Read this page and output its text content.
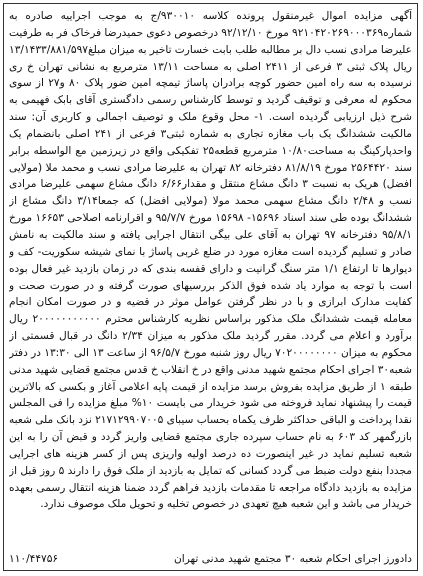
آگهی مزایده اموال غیرمنقول پرونده کلاسه ۹۳۰۰۱۰/ج به موجب اجراییه صادره به شماره۹۲۱۰۴۲۰۲۶۹۰۰۰۳۶۹ مورخ ۹۲/۱۲/۱۰ درخصوص دعوی حمیدرضا فرخاک فر به طرفیت علیرضا مرادی نسب دال بر مطالبه طلب بابت خسارت تاخیر به میزان مبلغ۱۳/۱۴۳۳/۸۸۱/۵۹۷ ریال پلاک ثبتی ۳ فرعی از ۲۴۱۱ اصلی به مساحت ۱۳/۱۱ مترمربع به نشانی تهران خ ری نرسیده به سه راه امین حضور کوچه برادران پاساژ تیمچه امین ضور پلاک ۸۰ و۲۷ از سوی محکوم له معرفی و توقیف گردید و توسط کارشناس رسمی دادگستری آقای بابک فهیمی به شرح ذیل ارزیابی گردیده است. ۱- محل وقوع ملک و توصیف اجمالی و کاربری آن: سند مالکیت ششدانگ یک باب مغازه تجاری به شماره ثبتی۳ فرعی از ۲۴۱ اصلی بانضمام یک واحدپارکینگ به مساحت۱۰/۸۰ مترمربع قطعه۲۵ تفکیکی واقع در زیرزمین مع الواسطه برابر سند ۲۵۶۴۴۲۰ مورخ ۸۱/۸/۱۹ دفترخانه ۸۲ تهران به علیرضا مرادی نسب و محمد ملا (مولایی افضل) هریک به نسبت ۳ دانگ مشاع منتقل و مقدار۶/۶۶ دانگ مشاع سهمی علیرضا مرادی نسب و ۲/۴۸ دانگ مشاع سهمی محمد مولا (مولایی افضل) که جمعا۳/۱۴ دانگ مشاع از ششدانگ بوده طی سند اسناد ۱۵۶۹۶- ۱۵۶۹۸ مورخ ۹۵/۷/۷ و اقرارنامه اصلاحی ۱۶۶۵۳ مورخ ۹۵/۸/۱ دفترخانه ۹۷ تهران به آقای علی بیگی انتقال اجرایی یافته و سند مالکیت به نامش صادر و تسلیم گردیده است مغازه مورد در ضلع غربی پاساژ با نمای شیشه سکوریت- کف و دیوارها تا ارتفاع ۱/۱ متر سنگ گرانیت و دارای قفسه بندی که در زمان بازدید غیر فعال بوده است با توجه به موارد یاد شده فوق الذکر بررسیهای صورت گرفته و در صورت صحت و کفایت مدارک ابرازی و با در نظر گرفتن عوامل موثر در قضیه و در صورت امکان انجام معامله قیمت ششدانگ ملک مذکور براساس نظریه کارشناس محترم ۲۰۰۰۰۰۰۰۰۰۰۰ ریال برآورد و اعلام می گردد. مقرر گردید ملک مذکور به میزان ۲/۳۴ دانگ در قبال قسمتی از محکوم به میزان ۷۰۲۰۰۰۰۰۰۰۰ ریال روز شنبه مورخ ۹۶/۵/۷ از ساعت ۱۳ الی ۱۳:۳۰ در دفتر شعبه۳۰ اجرای احکام مجتمع شهید مدنی واقع در خ انقلاب خ قدس مجتمع قضایی شهید مدنی طبقه ۱ از طریق مزایده بفروش برسد مزایده از قیمت پایه اعلامی آغاز و بکسی که بالاترین قیمت را پیشنهاد نماید فروخته می شود خریدار می بایست ۱۰% مبلغ مزایده را فی المجلس نقدا پرداخت و الباقی حداکثر ظرف یکماه بحساب سیبای ۲۱۷۱۲۹۹۰۷۰۰۵ نزد بانک ملی شعبه بازرگمهر کد ۶۰۳ به نام حساب سپرده جاری مجتمع قضایی واریز گردد و قبض آن را به این شعبه تسلیم نماید در غیر اینصورت ده درصد اولیه واریزی پس از کسر هزینه های اجرایی مجددا بنفع دولت ضبط می گردد کسانی که تمایل به بازدید از ملک فوق را دارند ۵ روز قبل از مزایده به بازدید دادگاه مراجعه تا مقدمات بازدید فراهم گردد ضمنا هزینه انتقال رسمی بعهده خریدار می باشد و این شعبه هیچ تعهدی در خصوص تخلیه و تحویل ملک موصوف ندارد.

دادورز اجرای احکام شعبه ۳۰ مجتمع شهید مدنی تهران
۱۱۰/۴۴۷۵۶
